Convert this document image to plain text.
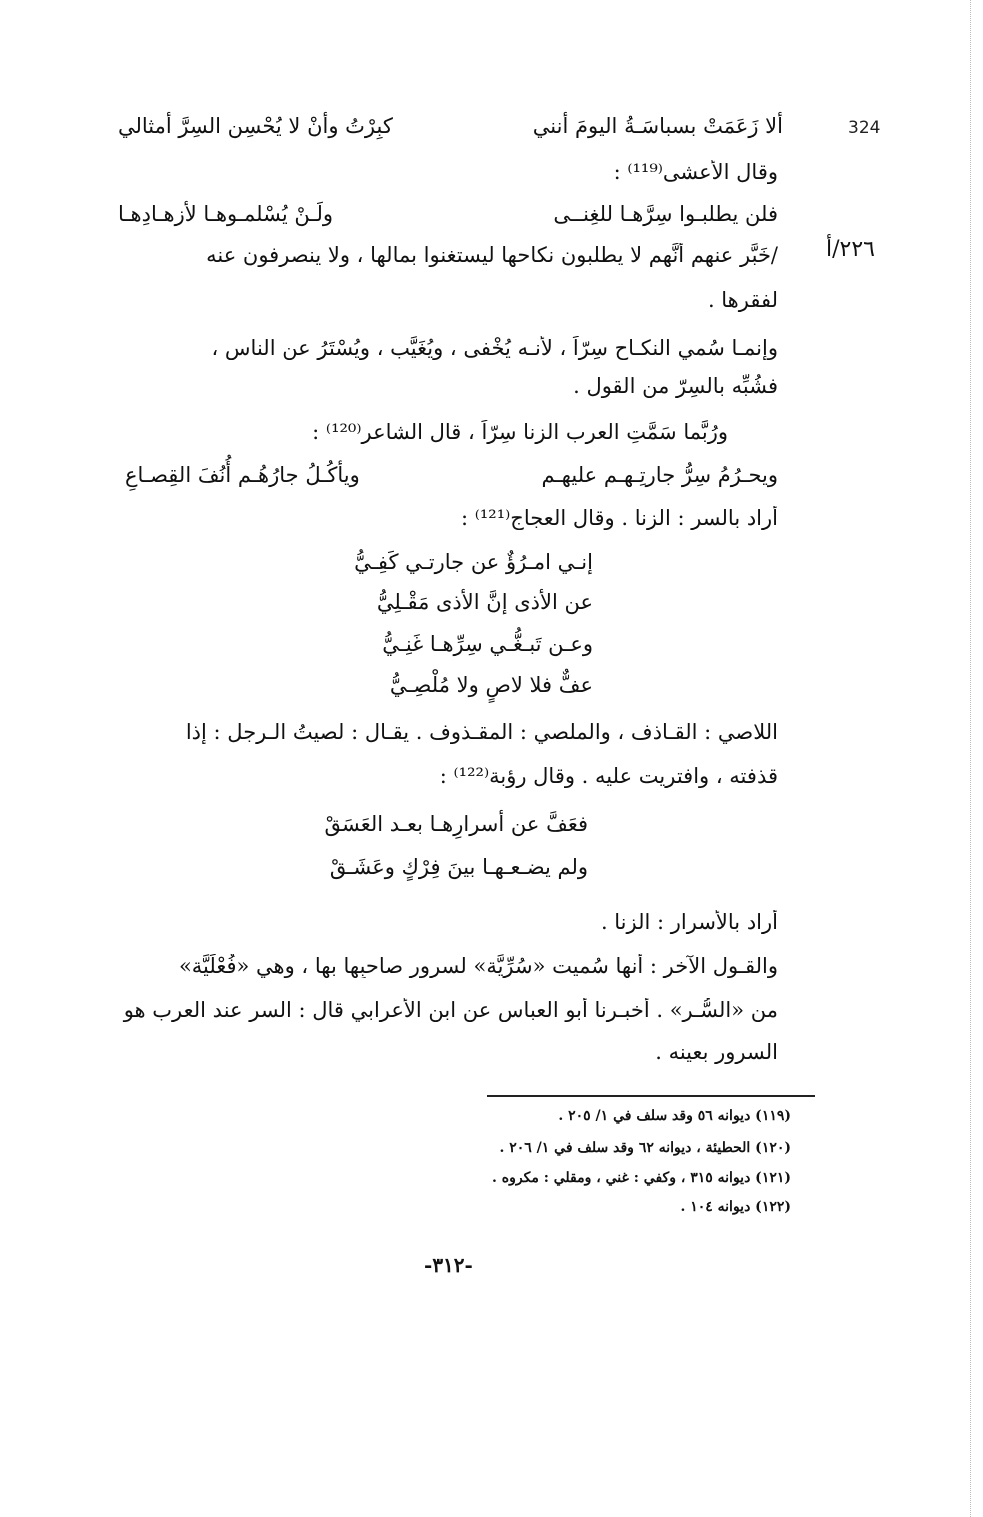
324
٢٢٦/أ
ألا زَعَمَتْ بسباسَـةُ اليومَ أنني
كبِرْتُ وأنْ لا يُحْسِن السِرَّ أمثالي
وقال الأعشى⁽¹¹⁹⁾ :
فلن يطلبـوا سِرَّهـا للغِنــى
ولَـنْ يُسْلمـوهـا لأزهـادِهـا
/خَبَّر عنهم أنَّهم لا يطلبون نكاحها ليستغنوا بمالها ، ولا ينصرفون عنه
لفقرها .
وإنمـا سُمي النكـاح سِرّاً ، لأنـه يُخْفى ، ويُغَيَّب ، ويُسْتَرُ عن الناس ،
فشُبِّه بالسِرّ من القول .
ورُبَّما سَمَّتِ العرب الزنا سِرّاً ، قال الشاعر⁽¹²⁰⁾ :
ويحـرُمُ سِرُّ جارتِـهـم عليهـم
ويأكُـلُ جارُهُـم أُنُفَ القِصـاعِ
أراد بالسر : الزنا . وقال العجاج⁽¹²¹⁾ :
إنـي امـرُؤٌ عن جارتـي كَفِـيُّ
عن الأذى إنَّ الأذى مَقْـلِيُّ
وعـن تَبـغُّـي سِرِّهـا غَنِـيُّ
عفٌّ فلا لاصٍ ولا مُلْصِـيُّ
اللاصي : القـاذف ، والملصي : المقـذوف . يقـال : لصيتُ الـرجل : إذا
قذفته ، وافتريت عليه . وقال رؤبة⁽¹²²⁾ :
فعَفَّ عن أسرارِهـا بعـد العَسَقْ
ولم يضـعـهـا بينَ فِرْكٍ وعَشَـقْ
أراد بالأسرار : الزنا .
والقـول الآخر : أنها سُميت «سُرِّيَّة» لسرور صاحبِها بها ، وهي «فُعْلِّيَّة»
من «السُّـر» . أخبـرنا أبو العباس عن ابن الأعرابي قال : السر عند العرب هو
السرور بعينه .
(١١٩) ديوانه ٥٦ وقد سلف في ١/ ٢٠٥ .
(١٢٠) الحطيئة ، ديوانه ٦٢ وقد سلف في ١/ ٢٠٦ .
(١٢١) ديوانه ٣١٥ ، وكفي : غني ، ومقلي : مكروه .
(١٢٢) ديوانه ١٠٤ .
-٣١٢-
